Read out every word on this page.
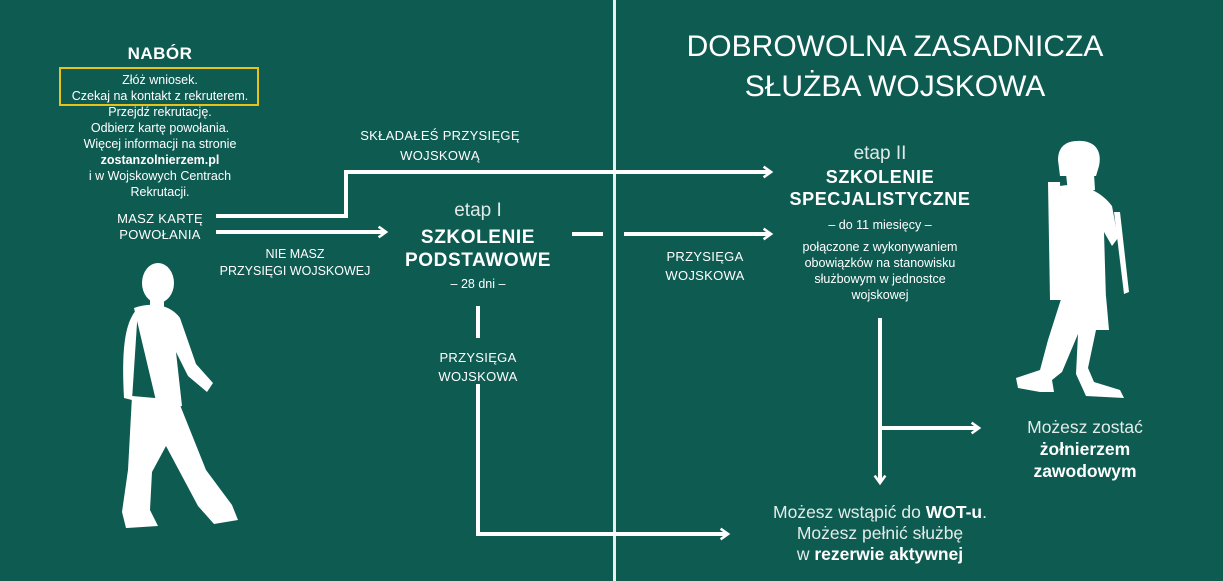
DOBROWOLNA ZASADNICZA
SŁUŻBA WOJSKOWA
NABÓR
Złóż wniosek.
Czekaj na kontakt z rekruterem.
Przejdź rekrutację.
Odbierz kartę powołania.
Więcej informacji na stronie
zostanzolnierzem.pl
i w Wojskowych Centrach
Rekrutacji.
MASZ KARTĘ
POWOŁANIA
NIE MASZ
PRZYSIĘGI WOJSKOWEJ
SKŁADAŁEŚ PRZYSIĘGĘ
WOJSKOWĄ
etap I
SZKOLENIE
PODSTAWOWE
– 28 dni –
PRZYSIĘGA
WOJSKOWA
PRZYSIĘGA
WOJSKOWA
etap II
SZKOLENIE
SPECJALISTYCZNE
– do 11 miesięcy –
połączone z wykonywaniem
obowiązków na stanowisku
służbowym w jednostce
wojskowej
Możesz zostać
żołnierzem
zawodowym
Możesz wstąpić do WOT-u.
Możesz pełnić służbę
w rezerwie aktywnej
